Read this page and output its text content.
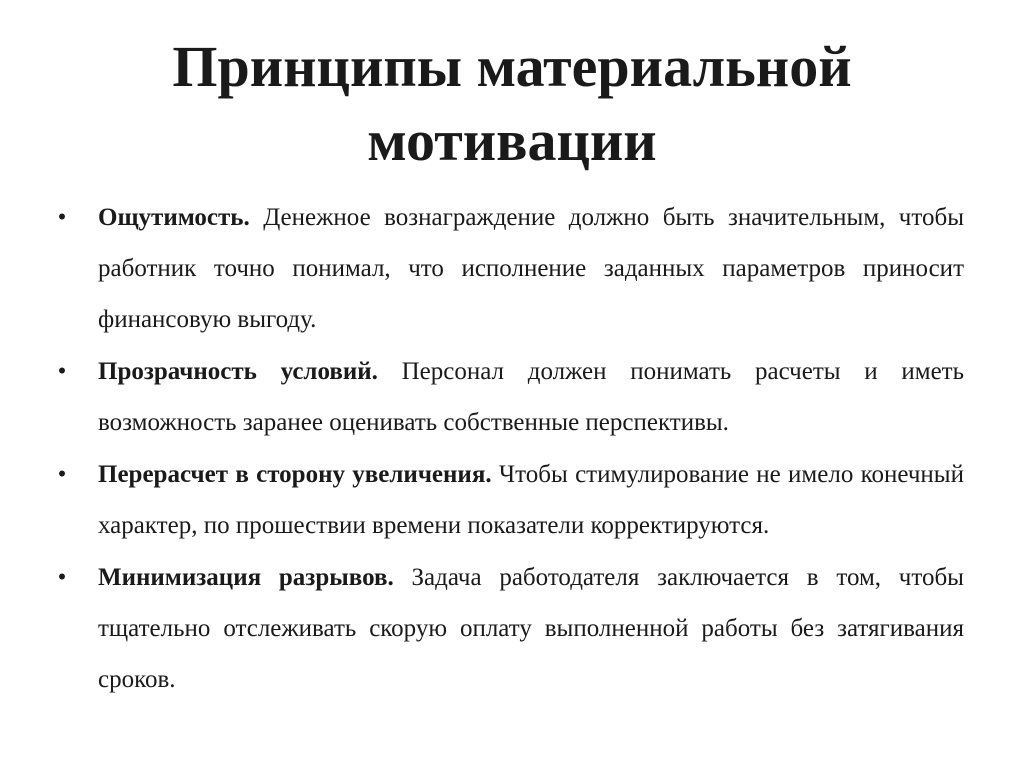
Принципы материальной мотивации
• Ощутимость. Денежное вознаграждение должно быть значительным, чтобы работник точно понимал, что исполнение заданных параметров приносит финансовую выгоду.
• Прозрачность условий. Персонал должен понимать расчеты и иметь возможность заранее оценивать собственные перспективы.
• Перерасчет в сторону увеличения. Чтобы стимулирование не имело конечный характер, по прошествии времени показатели корректируются.
• Минимизация разрывов. Задача работодателя заключается в том, чтобы тщательно отслеживать скорую оплату выполненной работы без затягивания сроков.
